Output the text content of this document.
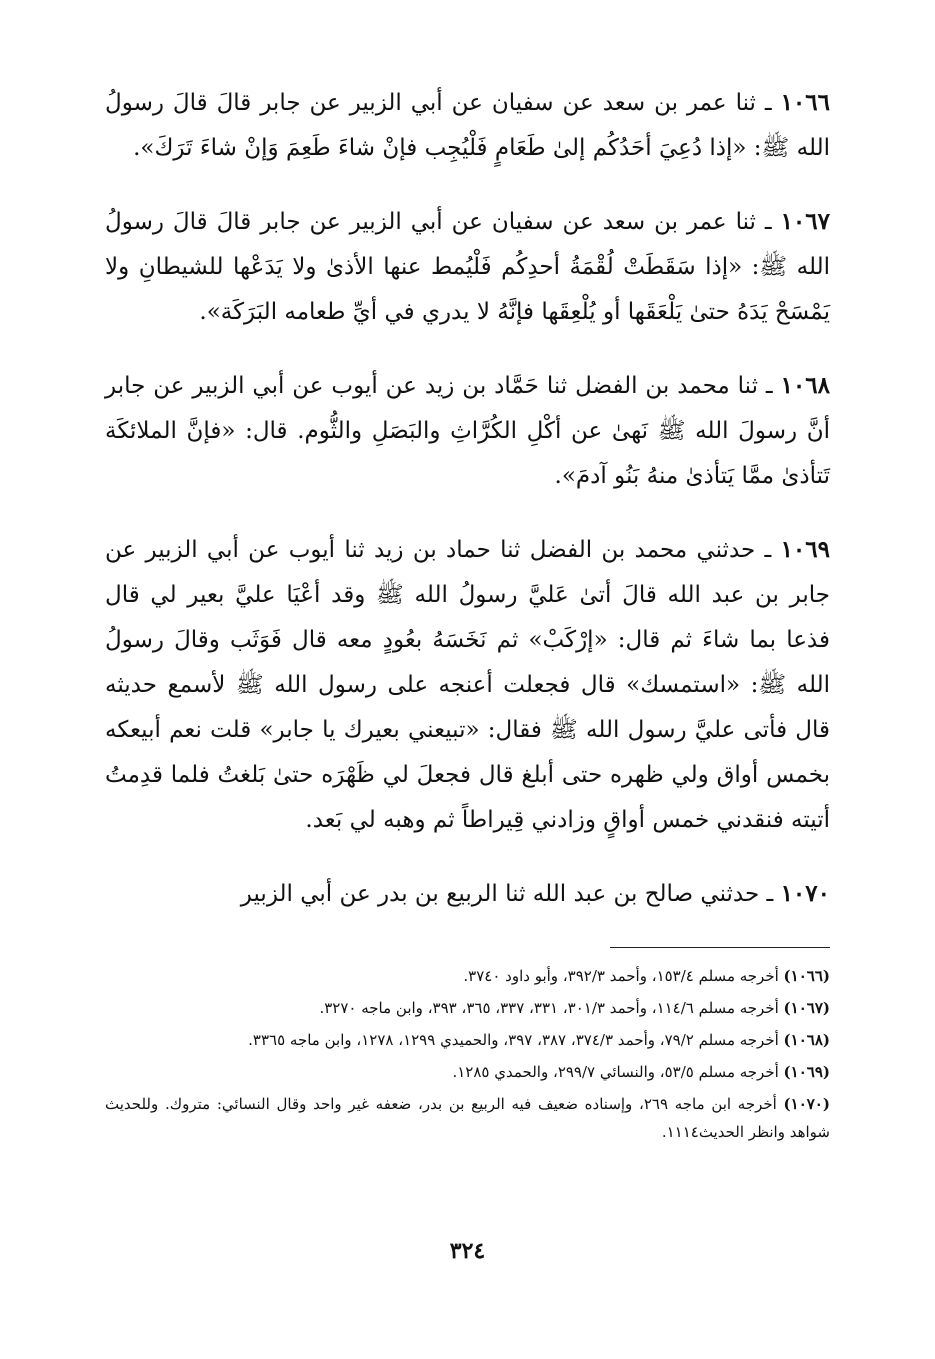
١٠٦٦ ـ ثنا عمر بن سعد عن سفيان عن أبي الزبير عن جابر قالَ قالَ رسولُ الله ﷺ: «إذا دُعِيَ أحَدُكُم إلىٰ طَعَامٍ فَلْيُجِب فإنْ شاءَ طَعِمَ وَإنْ شاءَ تَرَكَ».

١٠٦٧ ـ ثنا عمر بن سعد عن سفيان عن أبي الزبير عن جابر قالَ قالَ رسولُ الله ﷺ: «إذا سَقَطَتْ لُقْمَةُ أحدِكُم فَلْيُمط عنها الأذىٰ ولا يَدَعْها للشيطانِ ولا يَمْسَحْ يَدَهُ حتىٰ يَلْعَقَها أو يُلْعِقَها فإنَّهُ لا يدري في أيِّ طعامه البَرَكَة».

١٠٦٨ ـ ثنا محمد بن الفضل ثنا حَمَّاد بن زيد عن أيوب عن أبي الزبير عن جابر أنَّ رسولَ الله ﷺ نَهىٰ عن أكْلِ الكُرَّاثِ والبَصَلِ والثُّوم. قال: «فإنَّ الملائكَة تَتأذىٰ ممَّا يَتأذىٰ منهُ بَنُو آدمَ».

١٠٦٩ ـ حدثني محمد بن الفضل ثنا حماد بن زيد ثنا أيوب عن أبي الزبير عن جابر بن عبد الله قالَ أتىٰ عَليَّ رسولُ الله ﷺ وقد أعْيَا عليَّ بعير لي قال فذعا بما شاءَ ثم قال: «إرْكَبْ» ثم نَخَسَهُ بعُودٍ معه قال فَوَثَب وقالَ رسولُ الله ﷺ: «استمسك» قال فجعلت أعنجه على رسول الله ﷺ لأسمع حديثه قال فأتى عليَّ رسول الله ﷺ فقال: «تبيعني بعيرك يا جابر» قلت نعم أبيعكه بخمس أواق ولي ظهره حتى أبلغ قال فجعلَ لي ظَهْرَه حتىٰ بَلغتُ فلما قدِمتُ أتيته فنقدني خمس أواقٍ وزادني قِيراطاً ثم وهبه لي بَعد.

١٠٧٠ ـ حدثني صالح بن عبد الله ثنا الربيع بن بدر عن أبي الزبير

(١٠٦٦) أخرجه مسلم ١٥٣/٤، وأحمد ٣٩٢/٣، وأبو داود ٣٧٤٠.

(١٠٦٧) أخرجه مسلم ١١٤/٦، وأحمد ٣٠١/٣، ٣٣١، ٣٣٧، ٣٦٥، ٣٩٣، وابن ماجه ٣٢٧٠.

(١٠٦٨) أخرجه مسلم ٧٩/٢، وأحمد ٣٧٤/٣، ٣٨٧، ٣٩٧، والحميدي ١٢٩٩، ١٢٧٨، وابن ماجه ٣٣٦٥.

(١٠٦٩) أخرجه مسلم ٥٣/٥، والنسائي ٢٩٩/٧، والحمدي ١٢٨٥.

(١٠٧٠) أخرجه ابن ماجه ٢٦٩، وإسناده ضعيف فيه الربيع بن بدر، ضعفه غير واحد وقال النسائي: متروك. وللحديث شواهد وانظر الحديث١١١٤.

٣٢٤
